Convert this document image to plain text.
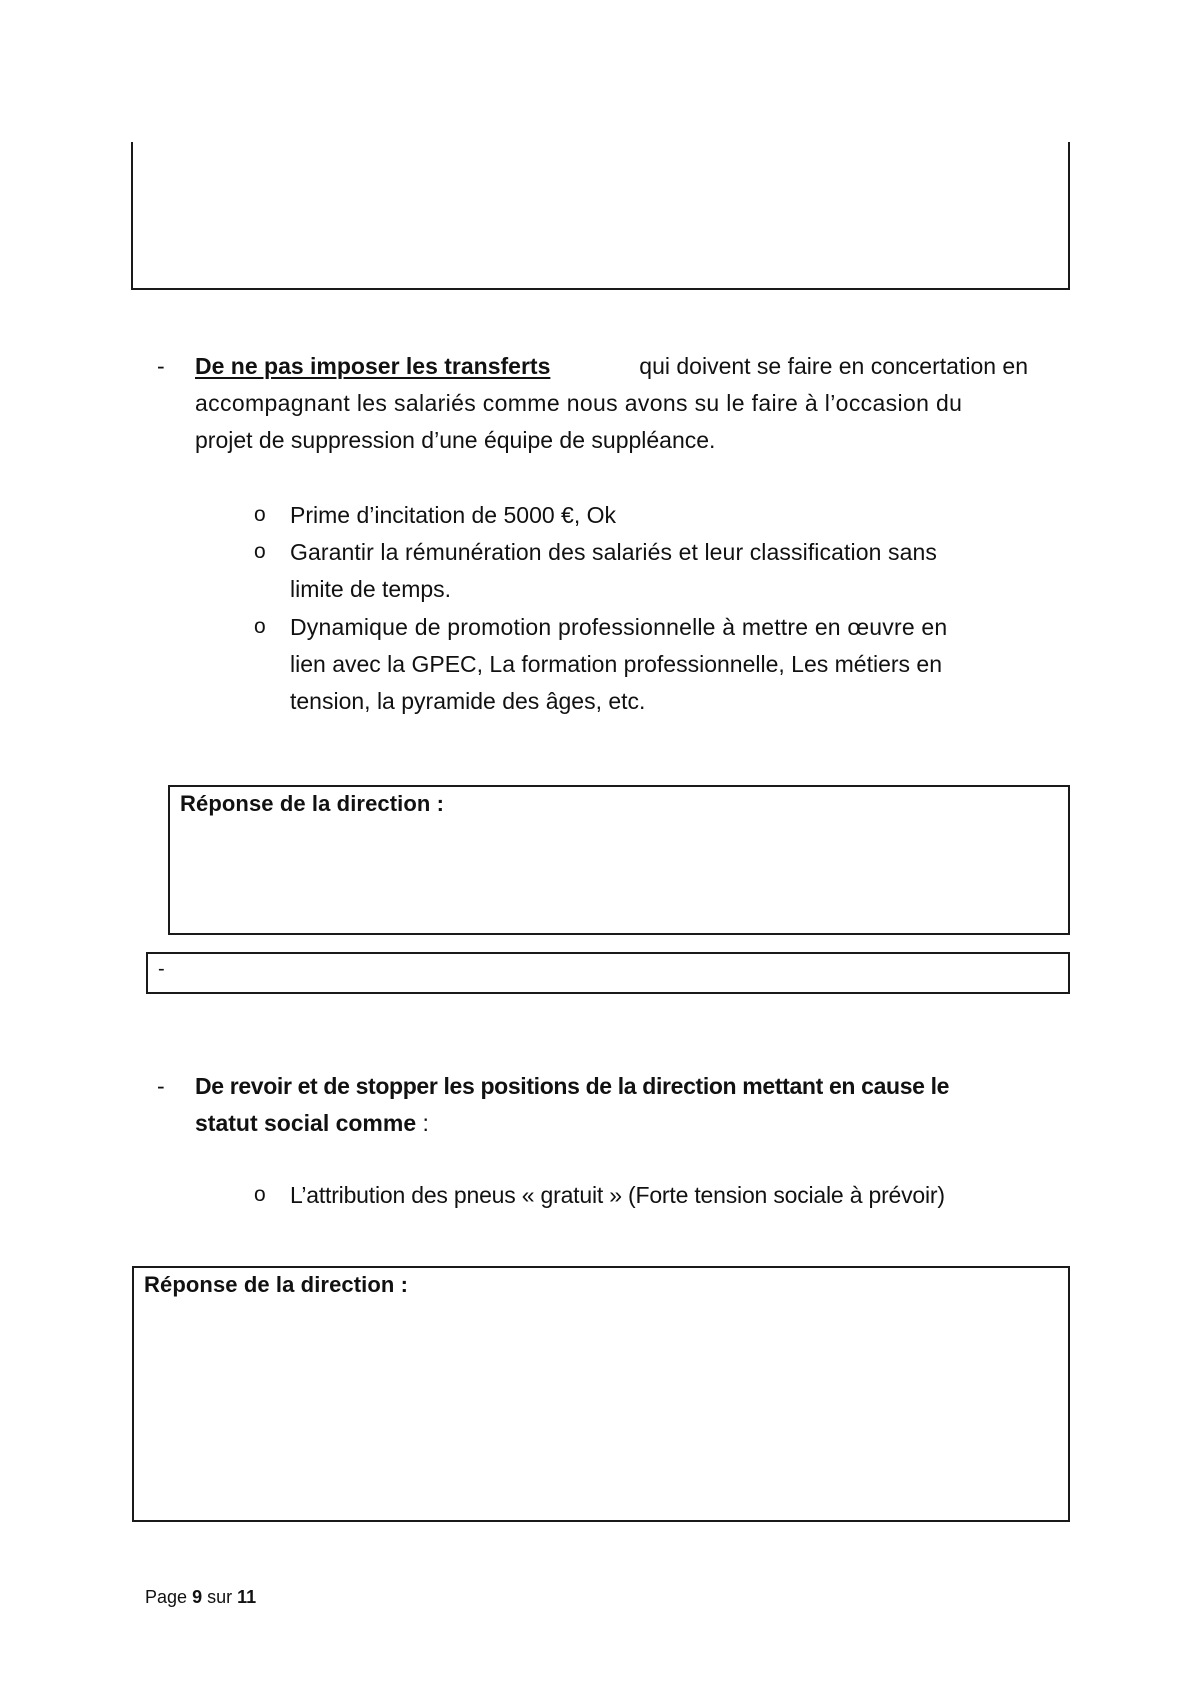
- De ne pas imposer les transferts	qui doivent se faire en concertation en
accompagnant les salariés comme nous avons su le faire à l’occasion du
projet de suppression d’une équipe de suppléance.
o Prime d’incitation de 5000 €, Ok
o Garantir la rémunération des salariés et leur classification sans
limite de temps.
o Dynamique de promotion professionnelle à mettre en œuvre en
lien avec la GPEC, La formation professionnelle, Les métiers en
tension, la pyramide des âges, etc.
Réponse de la direction :
-
- De revoir et de stopper les positions de la direction mettant en cause le
statut social comme :
o L’attribution des pneus « gratuit » (Forte tension sociale à prévoir)
Réponse de la direction :
Page 9 sur 11
